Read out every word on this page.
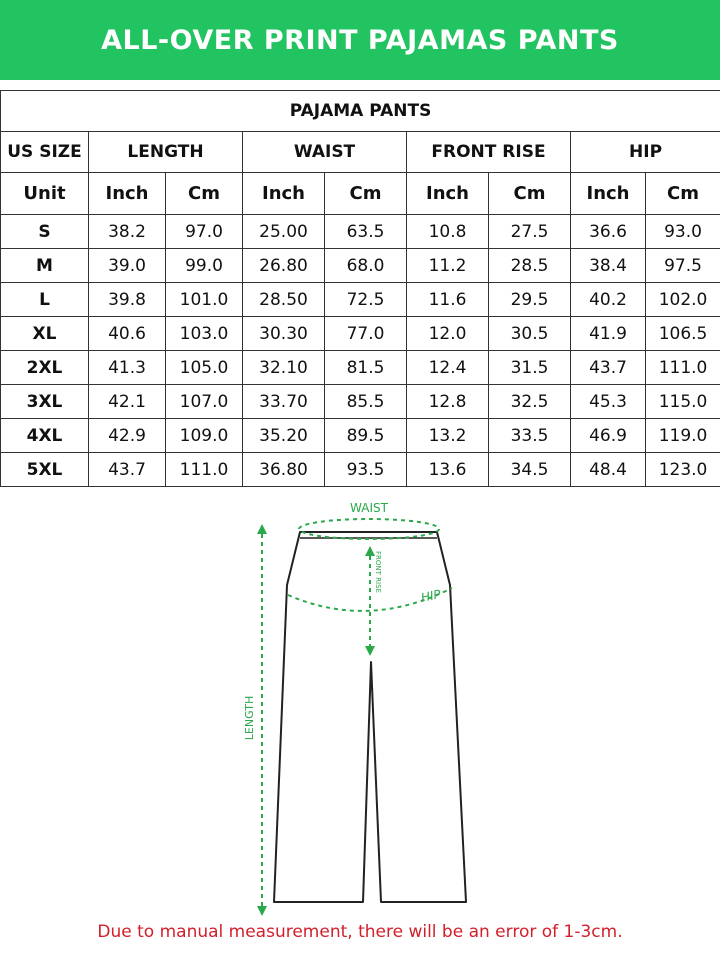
ALL-OVER PRINT PAJAMAS PANTS
PAJAMA PANTS								
US SIZE	LENGTH		WAIST		FRONT RISE		HIP	
Unit	Inch	Cm	Inch	Cm	Inch	Cm	Inch	Cm
S	38.2	97.0	25.00	63.5	10.8	27.5	36.6	93.0
M	39.0	99.0	26.80	68.0	11.2	28.5	38.4	97.5
L	39.8	101.0	28.50	72.5	11.6	29.5	40.2	102.0
XL	40.6	103.0	30.30	77.0	12.0	30.5	41.9	106.5
2XL	41.3	105.0	32.10	81.5	12.4	31.5	43.7	111.0
3XL	42.1	107.0	33.70	85.5	12.8	32.5	45.3	115.0
4XL	42.9	109.0	35.20	89.5	13.2	33.5	46.9	119.0
5XL	43.7	111.0	36.80	93.5	13.6	34.5	48.4	123.0
WAIST
HIP
FRONT RISE
LENGTH
Due to manual measurement, there will be an error of 1-3cm.
